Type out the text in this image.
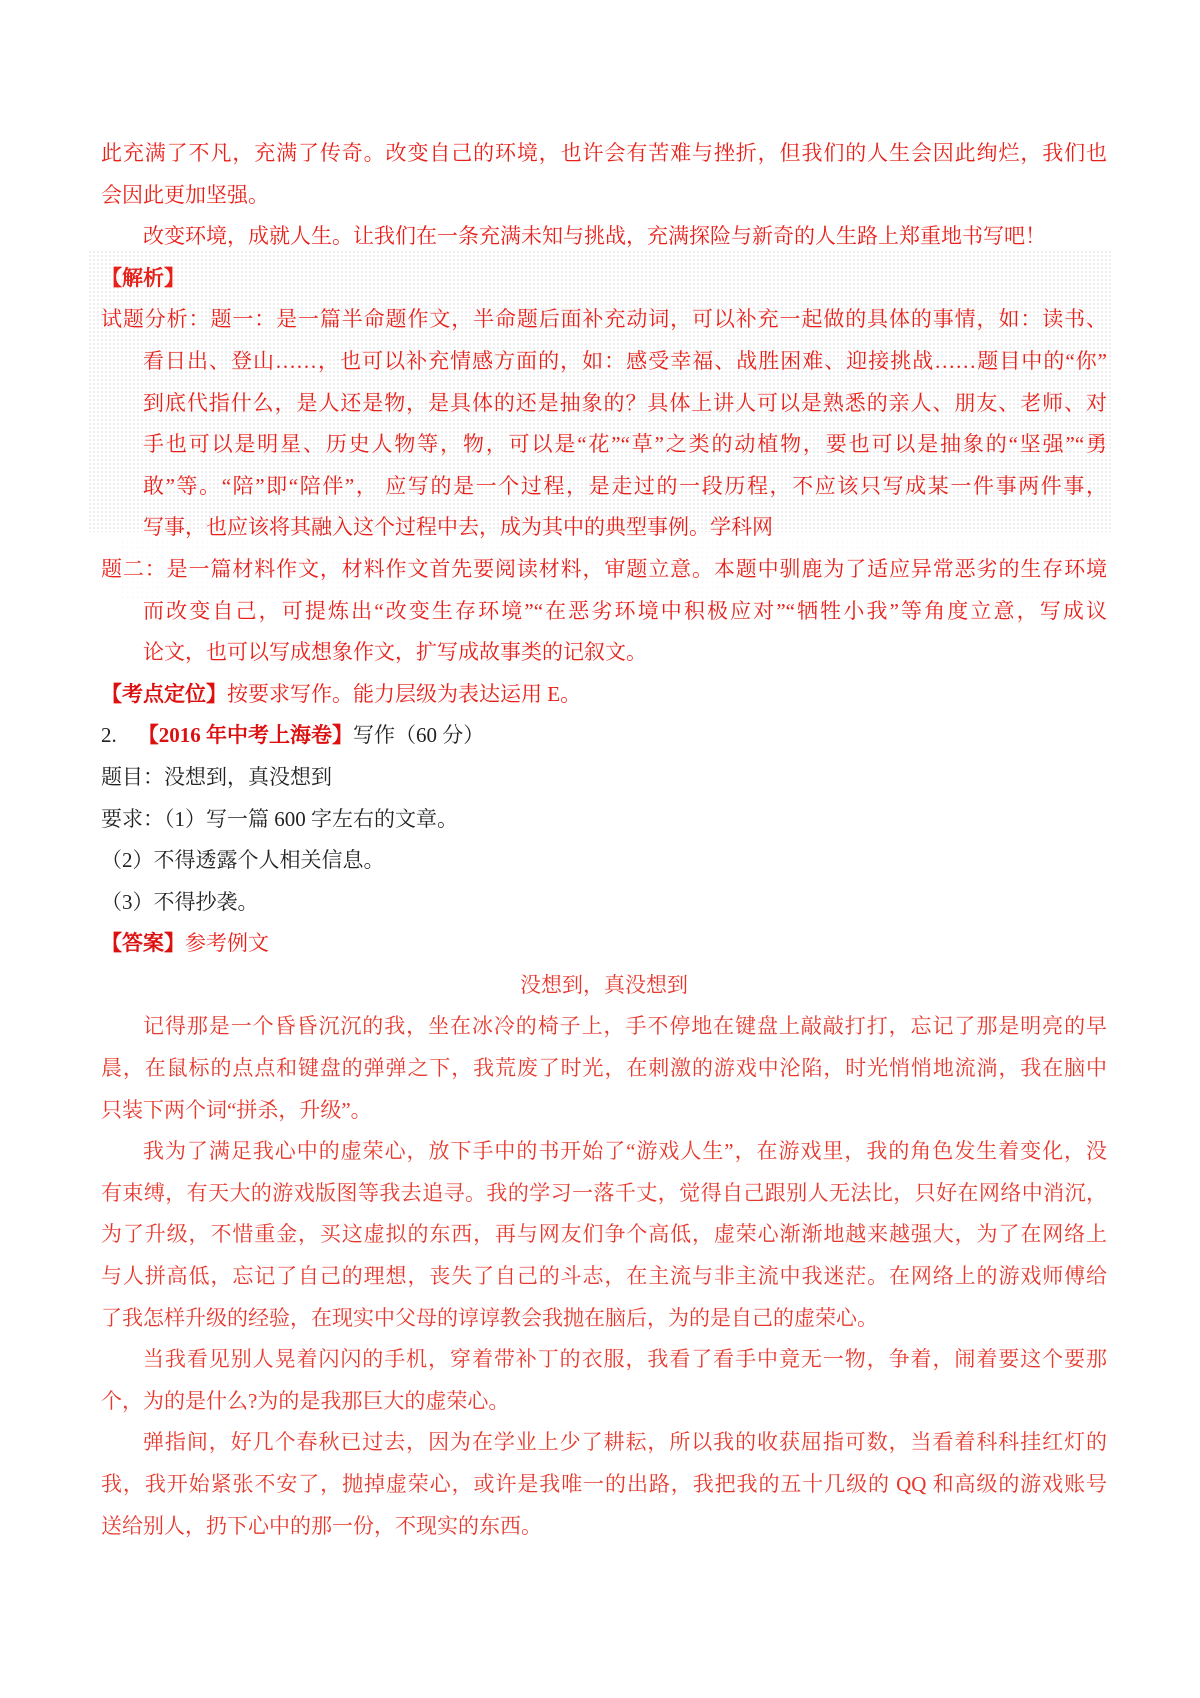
此充满了不凡，充满了传奇。改变自己的环境，也许会有苦难与挫折，但我们的人生会因此绚烂，我们也
会因此更加坚强。
改变环境，成就人生。让我们在一条充满未知与挑战，充满探险与新奇的人生路上郑重地书写吧！
【解析】
试题分析：题一：是一篇半命题作文，半命题后面补充动词，可以补充一起做的具体的事情，如：读书、
看日出、登山……，也可以补充情感方面的，如：感受幸福、战胜困难、迎接挑战……题目中的“你”
到底代指什么，是人还是物，是具体的还是抽象的？具体上讲人可以是熟悉的亲人、朋友、老师、对
手也可以是明星、历史人物等，物，可以是“花”“草”之类的动植物，要也可以是抽象的“坚强”“勇
敢”等。“陪”即“陪伴”， 应写的是一个过程，是走过的一段历程，不应该只写成某一件事两件事，
写事，也应该将其融入这个过程中去，成为其中的典型事例。学科网
题二：是一篇材料作文，材料作文首先要阅读材料，审题立意。本题中驯鹿为了适应异常恶劣的生存环境
而改变自己，可提炼出“改变生存环境”“在恶劣环境中积极应对”“牺牲小我”等角度立意，写成议
论文，也可以写成想象作文，扩写成故事类的记叙文。
【考点定位】按要求写作。能力层级为表达运用 E。
2. 【2016 年中考上海卷】写作（60 分）
题目：没想到，真没想到
要求：（1）写一篇 600 字左右的文章。
（2）不得透露个人相关信息。
（3）不得抄袭。
【答案】参考例文
没想到，真没想到
记得那是一个昏昏沉沉的我，坐在冰冷的椅子上，手不停地在键盘上敲敲打打，忘记了那是明亮的早
晨，在鼠标的点点和键盘的弹弹之下，我荒废了时光，在刺激的游戏中沦陷，时光悄悄地流淌，我在脑中
只装下两个词“拼杀，升级”。
我为了满足我心中的虚荣心，放下手中的书开始了“游戏人生”，在游戏里，我的角色发生着变化，没
有束缚，有天大的游戏版图等我去追寻。我的学习一落千丈，觉得自己跟别人无法比，只好在网络中消沉，
为了升级，不惜重金，买这虚拟的东西，再与网友们争个高低，虚荣心渐渐地越来越强大，为了在网络上
与人拼高低，忘记了自己的理想，丧失了自己的斗志，在主流与非主流中我迷茫。在网络上的游戏师傅给
了我怎样升级的经验，在现实中父母的谆谆教会我抛在脑后，为的是自己的虚荣心。
当我看见别人晃着闪闪的手机，穿着带补丁的衣服，我看了看手中竟无一物，争着，闹着要这个要那
个，为的是什么?为的是我那巨大的虚荣心。
弹指间，好几个春秋已过去，因为在学业上少了耕耘，所以我的收获屈指可数，当看着科科挂红灯的
我，我开始紧张不安了，抛掉虚荣心，或许是我唯一的出路，我把我的五十几级的 QQ 和高级的游戏账号
送给别人，扔下心中的那一份，不现实的东西。
